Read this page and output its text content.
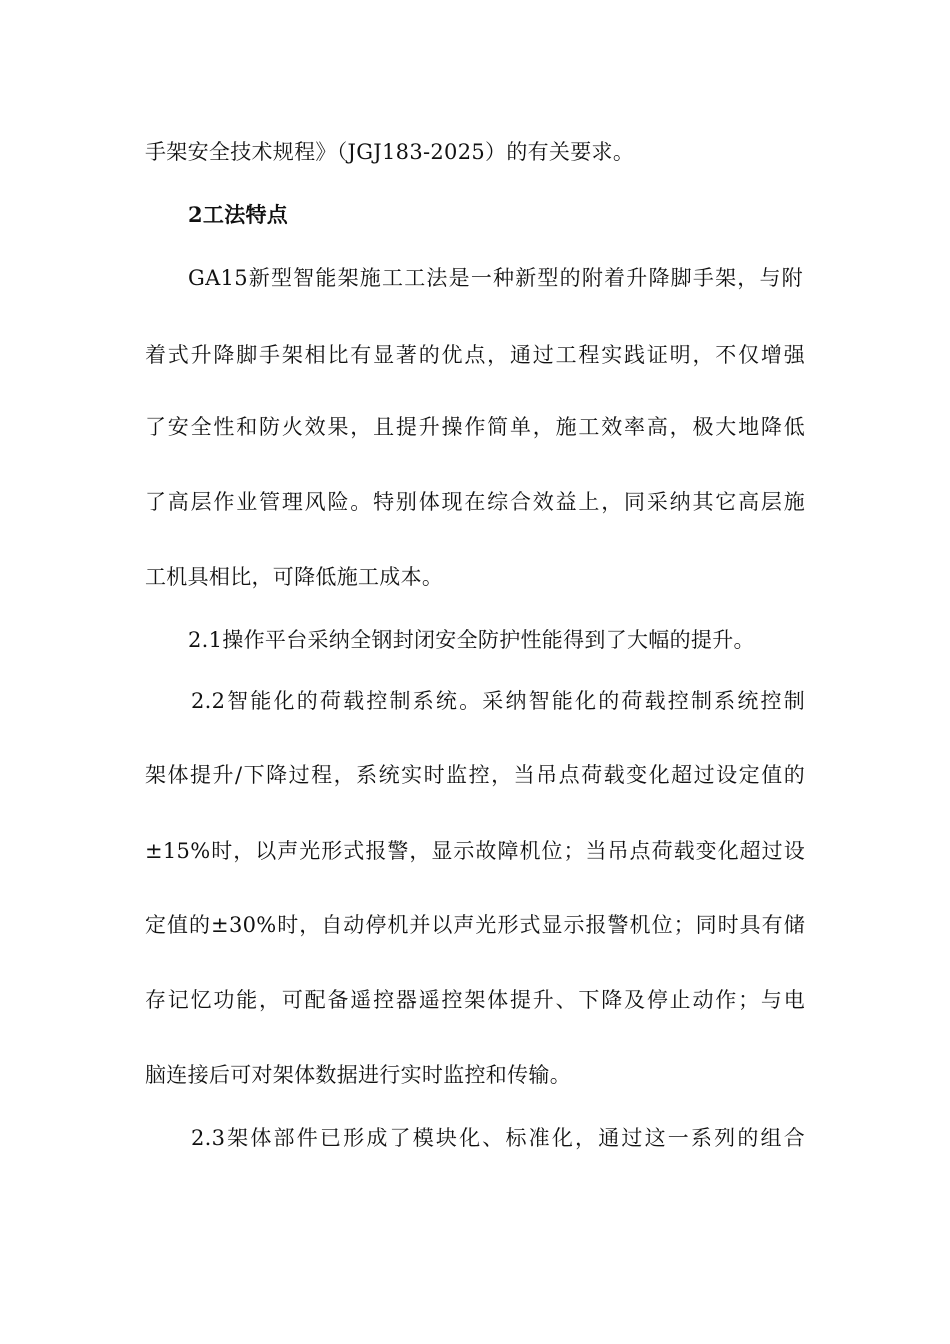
手架安全技术规程》（JGJ183-2025）的有关要求。
2工法特点
GA15新型智能架施工工法是一种新型的附着升降脚手架，与附
着式升降脚手架相比有显著的优点，通过工程实践证明，不仅增强
了安全性和防火效果，且提升操作简单，施工效率高，极大地降低
了高层作业管理风险。特别体现在综合效益上，同采纳其它高层施
工机具相比，可降低施工成本。
2.1操作平台采纳全钢封闭安全防护性能得到了大幅的提升。
2.2智能化的荷载控制系统。采纳智能化的荷载控制系统控制
架体提升/下降过程，系统实时监控，当吊点荷载变化超过设定值的
±15%时，以声光形式报警，显示故障机位；当吊点荷载变化超过设
定值的±30%时，自动停机并以声光形式显示报警机位；同时具有储
存记忆功能，可配备遥控器遥控架体提升、下降及停止动作；与电
脑连接后可对架体数据进行实时监控和传输。
2.3架体部件已形成了模块化、标准化，通过这一系列的组合
